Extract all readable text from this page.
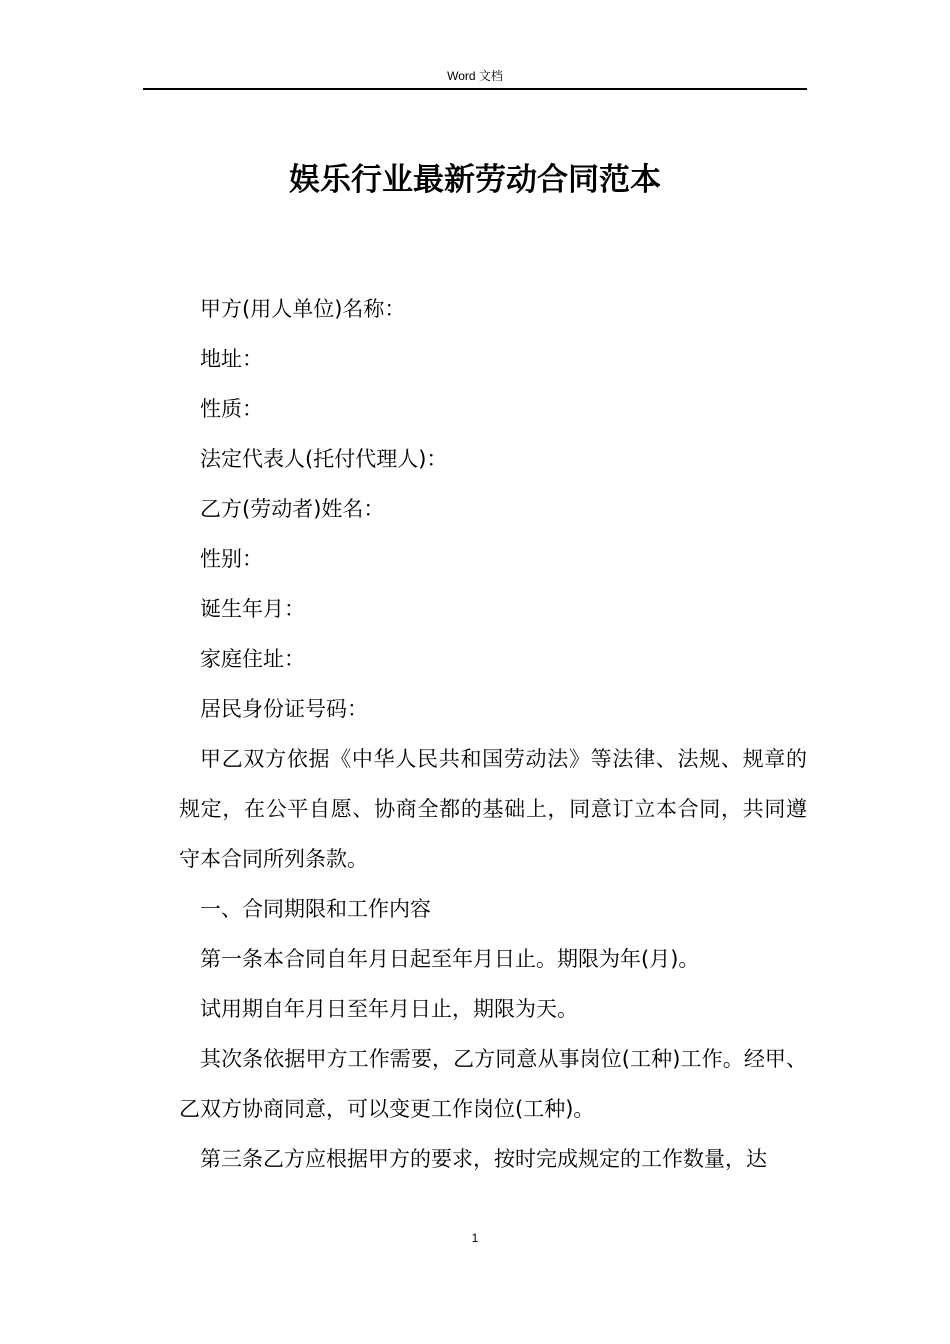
Word 文档
娱乐行业最新劳动合同范本

甲方(用人单位)名称：

地址：

性质：

法定代表人(托付代理人)：

乙方(劳动者)姓名：

性别：

诞生年月：

家庭住址：

居民身份证号码：

甲乙双方依据《中华人民共和国劳动法》等法律、法规、规章的规定，在公平自愿、协商全都的基础上，同意订立本合同，共同遵守本合同所列条款。

一、合同期限和工作内容

第一条本合同自年月日起至年月日止。期限为年(月)。

试用期自年月日至年月日止，期限为天。

其次条依据甲方工作需要，乙方同意从事岗位(工种)工作。经甲、乙双方协商同意，可以变更工作岗位(工种)。

第三条乙方应根据甲方的要求，按时完成规定的工作数量，达

1
